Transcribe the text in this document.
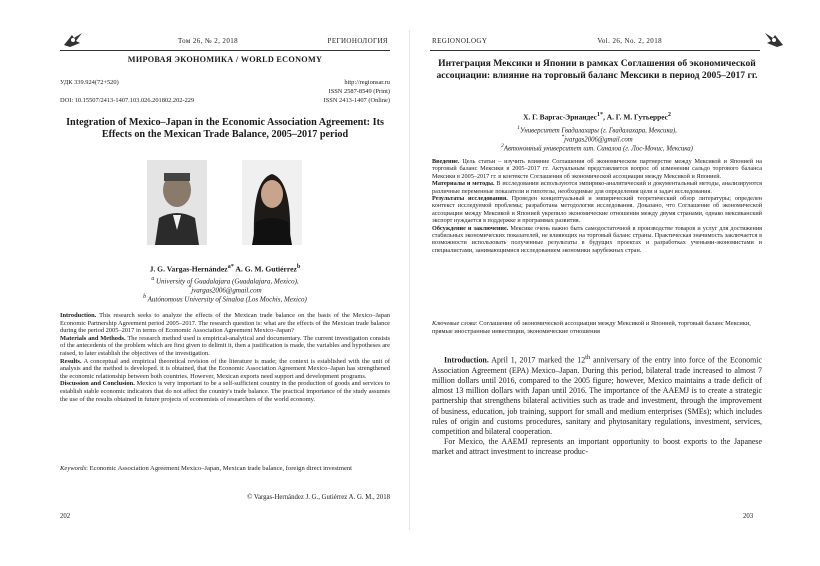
Том 26, № 2, 2018	РЕГИОНОЛОГИЯ
МИРОВАЯ ЭКОНОМИКА / WORLD ECONOMY
УДК 339.924(72+520)	http://regionsar.ru
ISSN 2587-8549 (Print)
DOI: 10.15507/2413-1407.103.026.201802.202-229	ISSN 2413-1407 (Online)
Integration of Mexico–Japan in the Economic Association Agreement: Its Effects on the Mexican Trade Balance, 2005–2017 period
J. G. Vargas-Hernández$^{a*}$ A. G. M. Gutiérrez$^b$
$^a$ University of Guadalajara (Guadalajara, Mexico),
*jvargas2006@gmail.com
$^b$ Autónomous University of Sinaloa (Los Mochis, Mexico)

Introduction. This research seeks to analyze the effects of the Mexican trade balance on the basis of the Mexico–Japan Economic Partnership Agreement period 2005–2017. The research question is: what are the effects of the Mexican trade balance during the period 2005–2017 in terms of Economic Association Agreement Mexico–Japan?

Materials and Methods. The research method used is empirical-analytical and documentary. The current investigation consists of the antecedents of the problem which are first given to delimit it, then a justification is made, the variables and hypotheses are raised, to later establish the objectives of the investigation.

Results. A conceptual and empirical theoretical revision of the literature is made; the context is established with the unit of analysis and the method is developed. it is obtained, that the Economic Association Agreement Mexico–Japan has strengthened the economic relationship between both countries. However, Mexican exports need support and development programs.

Discussion and Conclusion. Mexico is very important to be a self-sufficient country in the production of goods and services to establish stable economic indicators that do not affect the country's trade balance. The practical importance of the study assumes the use of the results obtained in future projects of economists of researchers of the world economy.

Keywords: Economic Association Agreement Mexico–Japan, Mexican trade balance, foreign direct investment
© Vargas-Hernández J. G., Gutiérrez A. G. M., 2018
202
REGIONOLOGY	Vol. 26, No. 2, 2018
Интеграция Мексики и Японии в рамках Соглашения об экономической ассоциации: влияние на торговый баланс Мексики в период 2005–2017 гг.
Х. Г. Варгас-Эрнандес$^{1*}$, А. Г. М. Гутьеррес$^2$
$^1$Университет Гвадалахары (г. Гвадалахара, Мексика),
*jvargas2006@gmail.com
$^2$Автономный университет шт. Синалоа (г. Лос-Мочис, Мексика)

Введение. Цель статьи – изучить влияние Соглашения об экономическом партнерстве между Мексикой и Японией на торговый баланс Мексики в 2005–2017 гг. Актуальным представляется вопрос об изменении сальдо торгового баланса Мексики в 2005–2017 гг. в контексте Соглашения об экономической ассоциации между Мексикой и Японией.

Материалы и методы. В исследовании используются эмпирико-аналитический и документальный методы, анализируются различные переменные показатели и гипотезы, необходимые для определения цели и задач исследования.

Результаты исследования. Проведен концептуальный и эмпирический теоретический обзор литературы; определен контекст исследуемой проблемы; разработана методология исследования. Доказано, что Соглашение об экономической ассоциации между Мексикой и Японией укрепило экономические отношения между двумя странами, однако мексиканский экспорт нуждается в поддержке и программах развития.

Обсуждение и заключение. Мексике очень важно быть самодостаточной в производстве товаров и услуг для достижения стабильных экономических показателей, не влияющих на торговый баланс страны. Практическая значимость заключается в возможности использовать полученные результаты в будущих проектах и разработках учеными-экономистами и специалистами, занимающимися исследованием экономики зарубежных стран.

Ключевые слова: Соглашение об экономической ассоциации между Мексикой и Японией, торговый баланс Мексики, прямые иностранные инвестиции, экономические отношения

Introduction. April 1, 2017 marked the 12th anniversary of the entry into force of the Economic Association Agreement (EPA) Mexico–Japan. During this period, bilateral trade increased to almost 7 million dollars until 2016, compared to the 2005 figure; however, Mexico maintains a trade deficit of almost 13 million dollars with Japan until 2016. The importance of the AAEMJ is to create a strategic partnership that strengthens bilateral activities such as trade and investment, through the improvement of business, education, job training, support for small and medium enterprises (SMEs); which includes rules of origin and customs procedures, sanitary and phytosanitary regulations, investment, services, competition and bilateral cooperation.

For Mexico, the AAEMJ represents an important opportunity to boost exports to the Japanese market and attract investment to increase produc-

203
